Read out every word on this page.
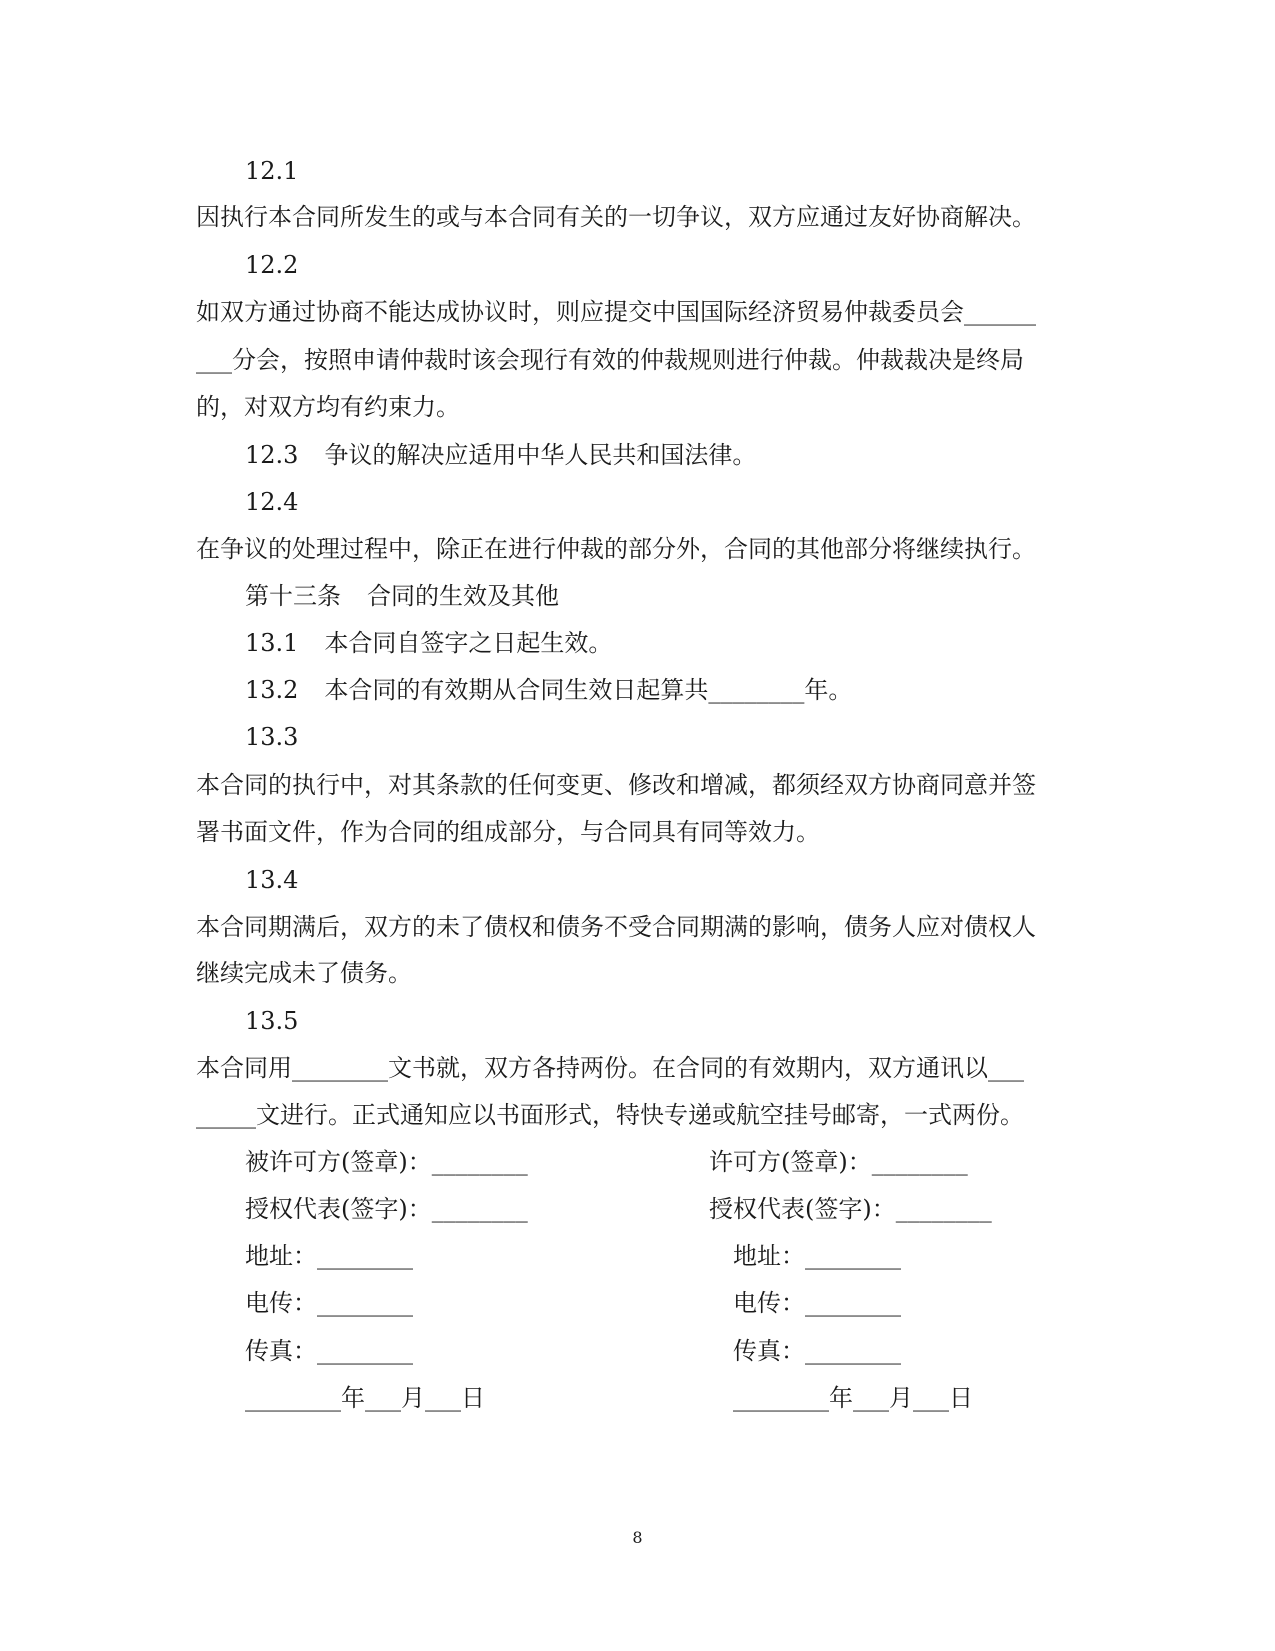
12.1
因执行本合同所发生的或与本合同有关的一切争议，双方应通过友好协商解决。
12.2
如双方通过协商不能达成协议时，则应提交中国国际经济贸易仲裁委员会______
___分会，按照申请仲裁时该会现行有效的仲裁规则进行仲裁。仲裁裁决是终局
的，对双方均有约束力。
12.3 争议的解决应适用中华人民共和国法律。
12.4
在争议的处理过程中，除正在进行仲裁的部分外，合同的其他部分将继续执行。
第十三条 合同的生效及其他
13.1 本合同自签字之日起生效。
13.2 本合同的有效期从合同生效日起算共________年。
13.3
本合同的执行中，对其条款的任何变更、修改和增减，都须经双方协商同意并签
署书面文件，作为合同的组成部分，与合同具有同等效力。
13.4
本合同期满后，双方的未了债权和债务不受合同期满的影响，债务人应对债权人
继续完成未了债务。
13.5
本合同用________文书就，双方各持两份。在合同的有效期内，双方通讯以___
_____文进行。正式通知应以书面形式，特快专递或航空挂号邮寄，一式两份。
被许可方(签章)：________
授权代表(签字)：________
地址：________
电传：________
传真：________
________年___月___日
许可方(签章)：________
授权代表(签字)：________
地址：________
电传：________
传真：________
________年___月___日
8
